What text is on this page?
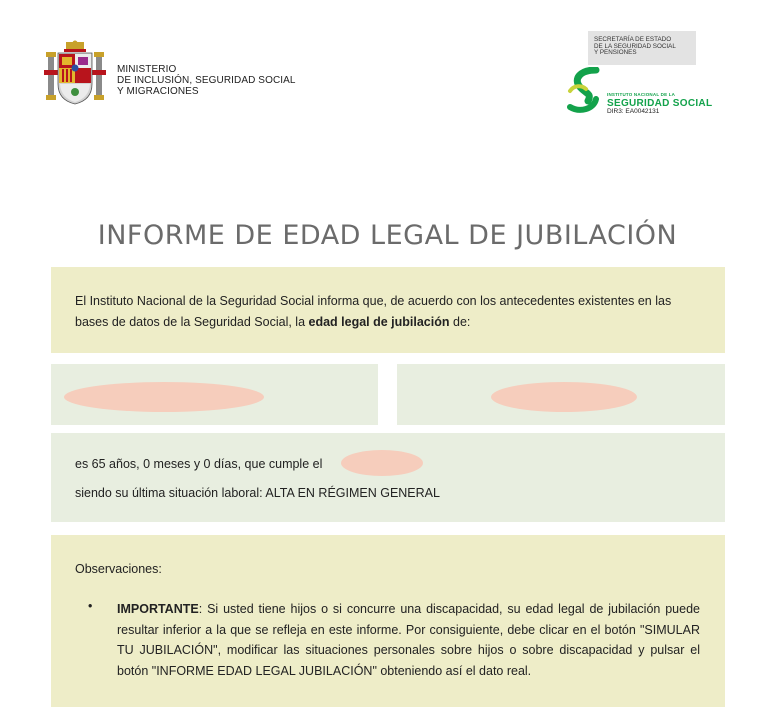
MINISTERIO
DE INCLUSIÓN, SEGURIDAD SOCIAL
Y MIGRACIONES
SECRETARÍA DE ESTADO
DE LA SEGURIDAD SOCIAL
Y PENSIONES
INSTITUTO NACIONAL DE LA
SEGURIDAD SOCIAL
DIR3: EA0042131
INFORME DE EDAD LEGAL DE JUBILACIÓN
El Instituto Nacional de la Seguridad Social informa que, de acuerdo con los antecedentes existentes en las bases de datos de la Seguridad Social, la edad legal de jubilación de:
es 65 años, 0 meses y 0 días, que cumple el
siendo su última situación laboral: ALTA EN RÉGIMEN GENERAL
Observaciones:
• IMPORTANTE: Si usted tiene hijos o si concurre una discapacidad, su edad legal de jubilación puede resultar inferior a la que se refleja en este informe. Por consiguiente, debe clicar en el botón "SIMULAR TU JUBILACIÓN", modificar las situaciones personales sobre hijos o sobre discapacidad y pulsar el botón "INFORME EDAD LEGAL JUBILACIÓN" obteniendo así el dato real.
